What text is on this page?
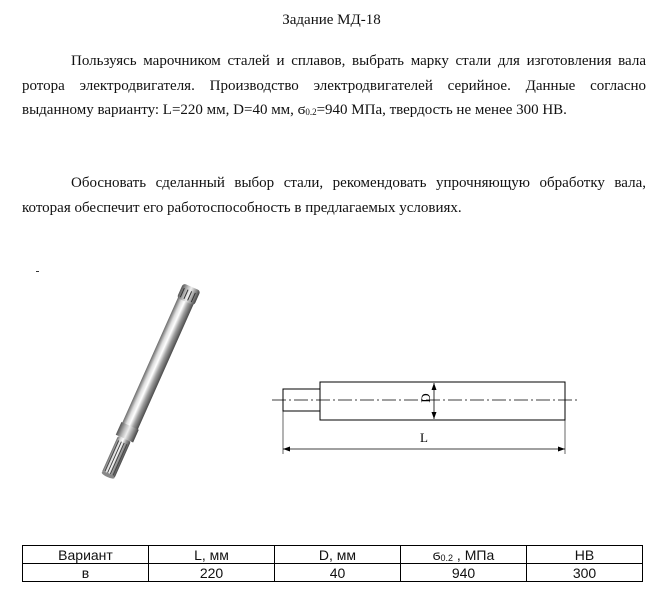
Задание МД-18

Пользуясь марочником сталей и сплавов, выбрать марку стали для изготовления вала ротора электродвигателя. Производство электродвигателей серийное. Данные согласно выданному варианту: L=220 мм, D=40 мм, $ϭ_{0.2}=940$ МПа, твердость не менее 300 НВ.

Обосновать сделанный выбор стали, рекомендовать упрочняющую обработку вала, которая обеспечит его работоспособность в предлагаемых условиях.

D
L
Вариант	L, мм	D, мм	$ϭ_{0.2}$ , МПа	НВ
в	220	40	940	300
